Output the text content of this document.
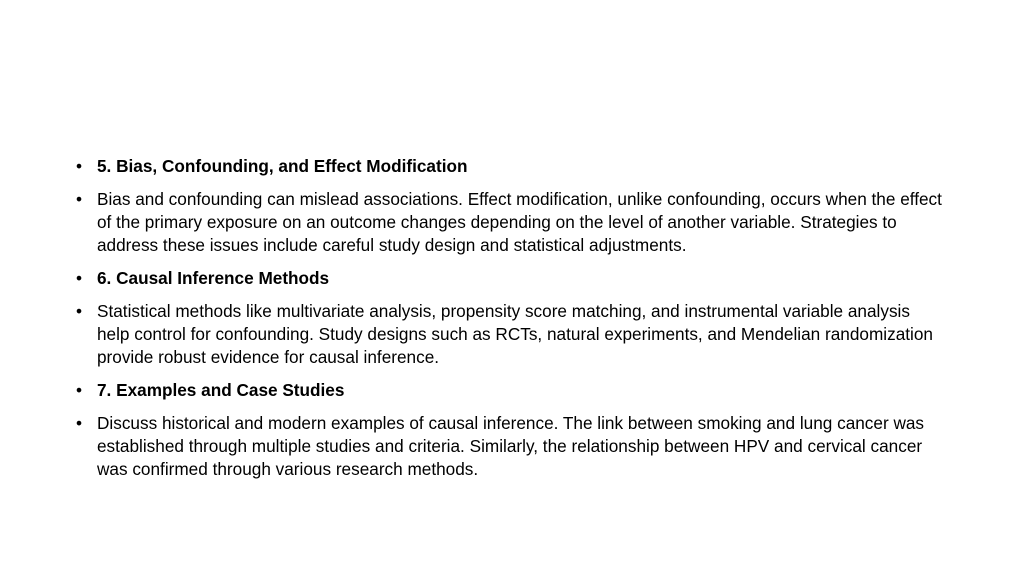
• 5. Bias, Confounding, and Effect Modification
• Bias and confounding can mislead associations. Effect modification, unlike confounding, occurs when the effect of the primary exposure on an outcome changes depending on the level of another variable. Strategies to address these issues include careful study design and statistical adjustments.
• 6. Causal Inference Methods
• Statistical methods like multivariate analysis, propensity score matching, and instrumental variable analysis help control for confounding. Study designs such as RCTs, natural experiments, and Mendelian randomization provide robust evidence for causal inference.
• 7. Examples and Case Studies
• Discuss historical and modern examples of causal inference. The link between smoking and lung cancer was established through multiple studies and criteria. Similarly, the relationship between HPV and cervical cancer was confirmed through various research methods.
